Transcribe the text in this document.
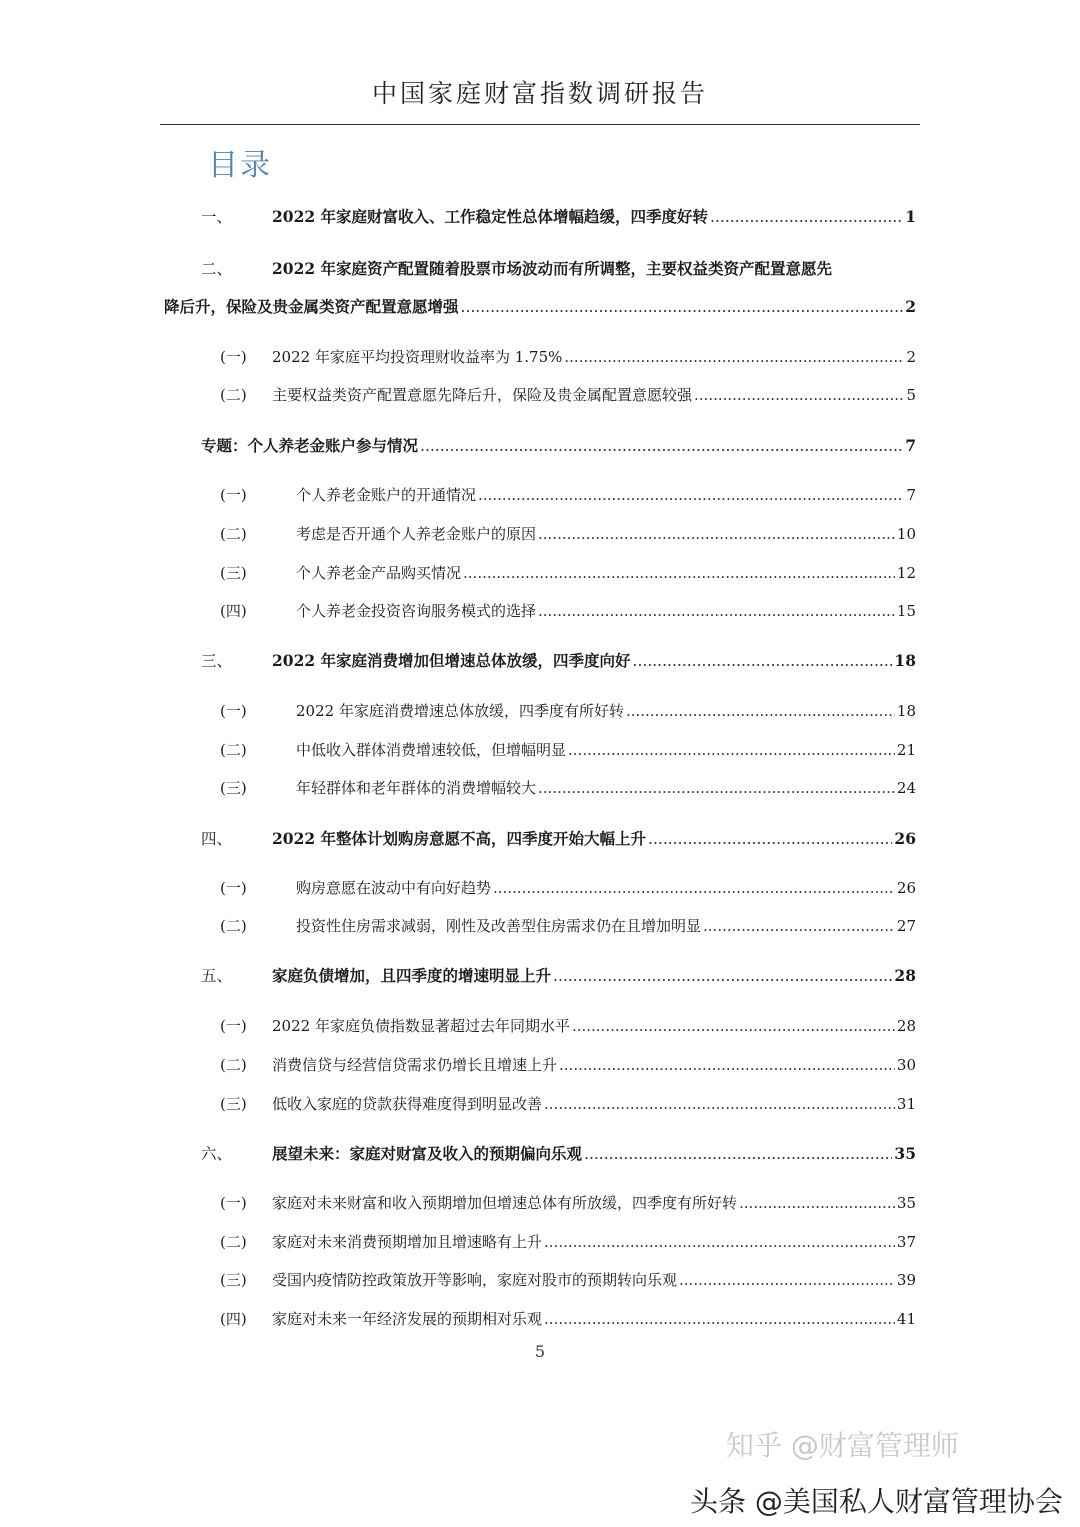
中国家庭财富指数调研报告
目录
一、	2022 年家庭财富收入、工作稳定性总体增幅趋缓，四季度好转 .....	1
二、	2022 年家庭资产配置随着股票市场波动而有所调整，主要权益类资产配置意愿先
降后升，保险及贵金属类资产配置意愿增强 .....	2
(一) 2022 年家庭平均投资理财收益率为 1.75% .....	2
(二) 主要权益类资产配置意愿先降后升，保险及贵金属配置意愿较强 .....	5
专题：个人养老金账户参与情况 .....	7
(一)	个人养老金账户的开通情况 .....	7
(二)	考虑是否开通个人养老金账户的原因 .....	10
(三)	个人养老金产品购买情况 .....	12
(四)	个人养老金投资咨询服务模式的选择 .....	15
三、	2022 年家庭消费增加但增速总体放缓，四季度向好 .....	18
(一)	2022 年家庭消费增速总体放缓，四季度有所好转 .....	18
(二)	中低收入群体消费增速较低，但增幅明显 .....	21
(三)	年轻群体和老年群体的消费增幅较大 .....	24
四、	2022 年整体计划购房意愿不高，四季度开始大幅上升 .....	26
(一)	购房意愿在波动中有向好趋势 .....	26
(二)	投资性住房需求减弱，刚性及改善型住房需求仍在且增加明显 .....	27
五、	家庭负债增加，且四季度的增速明显上升 .....	28
(一) 2022 年家庭负债指数显著超过去年同期水平 .....	28
(二) 消费信贷与经营信贷需求仍增长且增速上升 .....	30
(三) 低收入家庭的贷款获得难度得到明显改善 .....	31
六、	展望未来：家庭对财富及收入的预期偏向乐观 .....	35
(一) 家庭对未来财富和收入预期增加但增速总体有所放缓，四季度有所好转 .....	35
(二) 家庭对未来消费预期增加且增速略有上升 .....	37
(三) 受国内疫情防控政策放开等影响，家庭对股市的预期转向乐观 .....	39
(四) 家庭对未来一年经济发展的预期相对乐观 .....	41
5
知乎 @财富管理师
头条 @美国私人财富管理协会
